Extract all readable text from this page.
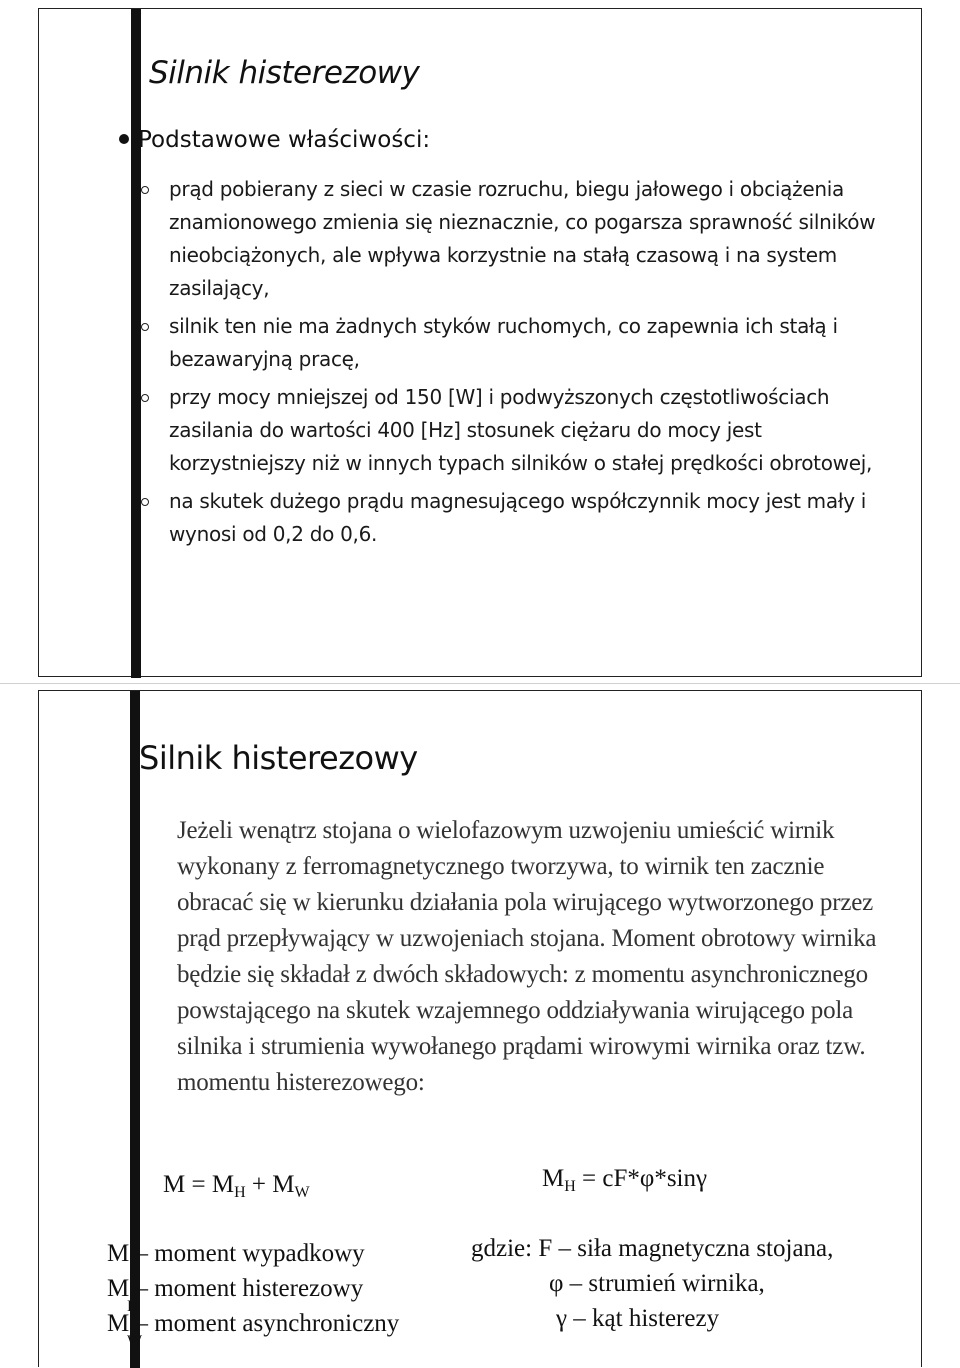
Silnik histerezowy
Podstawowe właściwości:
prąd pobierany z sieci w czasie rozruchu, biegu jałowego i obciążenia znamionowego zmienia się nieznacznie, co pogarsza sprawność silników nieobciążonych, ale wpływa korzystnie na stałą czasową i na system zasilający,
silnik ten nie ma żadnych styków ruchomych, co zapewnia ich stałą i bezawaryjną pracę,
przy mocy mniejszej od 150 [W] i podwyższonych częstotliwościach zasilania do wartości 400 [Hz] stosunek ciężaru do mocy jest korzystniejszy niż w innych typach silników o stałej prędkości obrotowej,
na skutek dużego prądu magnesującego współczynnik mocy jest mały i wynosi od 0,2 do 0,6.
Silnik histerezowy

Jeżeli wenątrz stojana o wielofazowym uzwojeniu umieścić wirnik wykonany z ferromagnetycznego tworzywa, to wirnik ten zacznie obracać się w kierunku działania pola wirującego wytworzonego przez prąd przepływający w uzwojeniach stojana. Moment obrotowy wirnika będzie się składał z dwóch składowych: z momentu asynchronicznego powstającego na skutek wzajemnego oddziaływania wirującego pola silnika i strumienia wywołanego prądami wirowymi wirnika oraz tzw. momentu histerezowego:

$M = M_H + M_W$
$M_H = cF*\varphi*\sin\gamma$
M – moment wypadkowy
M
H
– moment histerezowy
M
W
– moment asynchroniczny
gdzie: F – siła magnetyczna stojana,
φ – strumień wirnika,
γ – kąt histerezy
